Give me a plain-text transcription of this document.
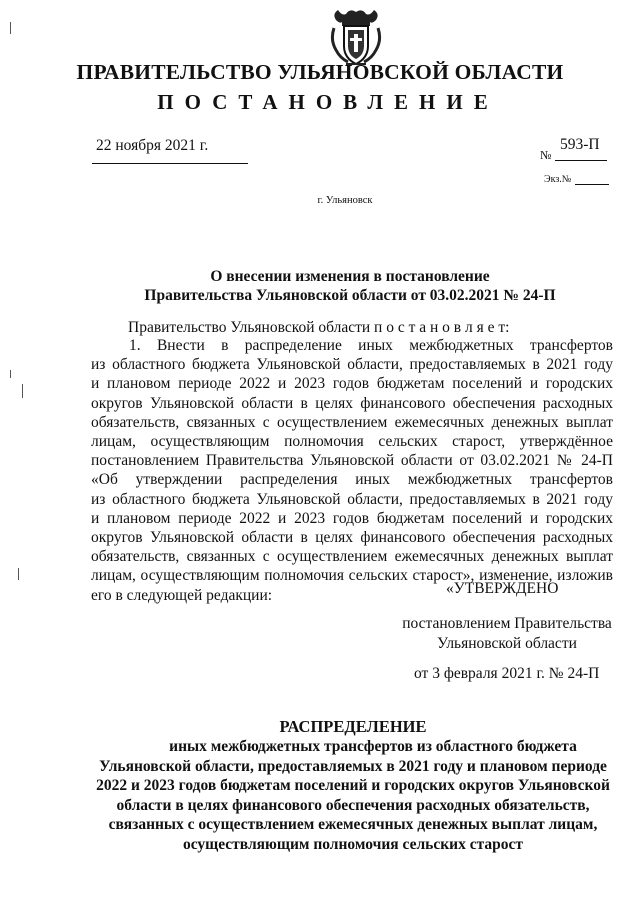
ПРАВИТЕЛЬСТВО УЛЬЯНОВСКОЙ ОБЛАСТИ
ПОСТАНОВЛЕНИЕ
22 ноября 2021 г.
№
593-П
Экз.№
г. Ульяновск
О внесении изменения в постановление
Правительства Ульяновской области от 03.02.2021 № 24-П
Правительство Ульяновской области п о с т а н о в л я е т:
1. Внести в распределение иных межбюджетных трансфертов
из областного бюджета Ульяновской области, предоставляемых в 2021 году
и плановом периоде 2022 и 2023 годов бюджетам поселений и городских
округов Ульяновской области в целях финансового обеспечения расходных
обязательств, связанных с осуществлением ежемесячных денежных выплат
лицам, осуществляющим полномочия сельских старост, утверждённое
постановлением Правительства Ульяновской области от 03.02.2021 № 24-П
«Об утверждении распределения иных межбюджетных трансфертов
из областного бюджета Ульяновской области, предоставляемых в 2021 году
и плановом периоде 2022 и 2023 годов бюджетам поселений и городских
округов Ульяновской области в целях финансового обеспечения расходных
обязательств, связанных с осуществлением ежемесячных денежных выплат
лицам, осуществляющим полномочия сельских старост», изменение, изложив
его в следующей редакции:	«УТВЕРЖДЕНО
постановлением Правительства
Ульяновской области
от 3 февраля 2021 г. № 24-П
РАСПРЕДЕЛЕНИЕ
иных межбюджетных трансфертов из областного бюджета
Ульяновской области, предоставляемых в 2021 году и плановом периоде
2022 и 2023 годов бюджетам поселений и городских округов Ульяновской
области в целях финансового обеспечения расходных обязательств,
связанных с осуществлением ежемесячных денежных выплат лицам,
осуществляющим полномочия сельских старост
